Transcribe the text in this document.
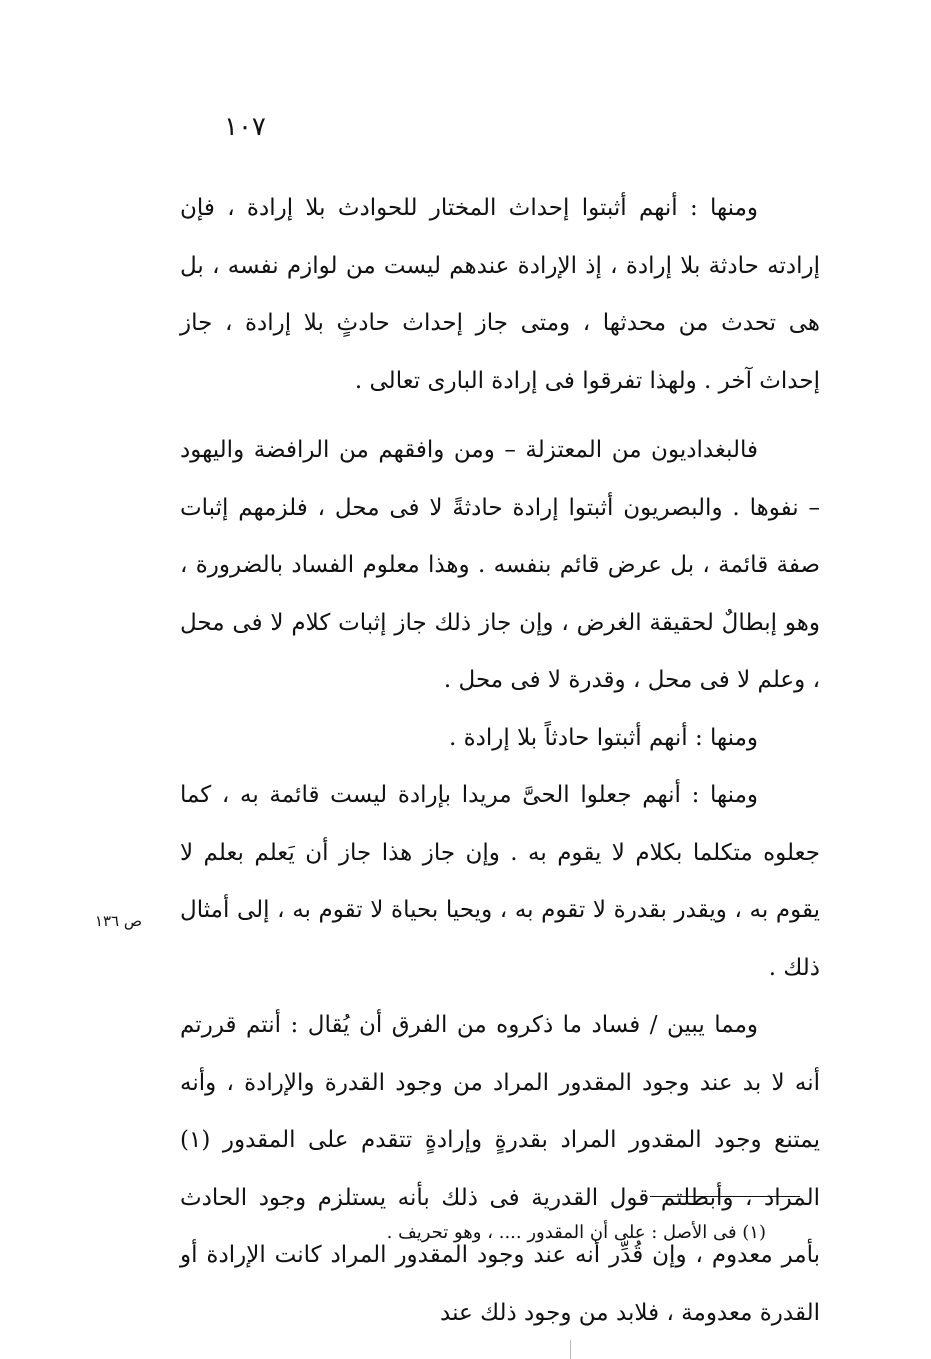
١٠٧

ومنها : أنهم أثبتوا إحداث المختار للحوادث بلا إرادة ، فإن إرادته حادثة بلا إرادة ، إذ الإرادة عندهم ليست من لوازم نفسه ، بل هى تحدث من محدثها ، ومتى جاز إحداث حادثٍ بلا إرادة ، جاز إحداث آخر . ولهذا تفرقوا فى إرادة البارى تعالى .

فالبغداديون من المعتزلة – ومن وافقهم من الرافضة واليهود – نفوها . والبصريون أثبتوا إرادة حادثةً لا فى محل ، فلزمهم إثبات صفة قائمة ، بل عرض قائم بنفسه . وهذا معلوم الفساد بالضرورة ، وهو إبطالٌ لحقيقة الغرض ، وإن جاز ذلك جاز إثبات كلام لا فى محل ، وعلم لا فى محل ، وقدرة لا فى محل .

ومنها : أنهم أثبتوا حادثاً بلا إرادة .

ومنها : أنهم جعلوا الحىَّ مريدا بإرادة ليست قائمة به ، كما جعلوه متكلما بكلام لا يقوم به . وإن جاز هذا جاز أن يَعلم بعلم لا يقوم به ، ويقدر بقدرة لا تقوم به ، ويحيا بحياة لا تقوم به ، إلى أمثال ذلك .

ومما يبين / فساد ما ذكروه من الفرق أن يُقال : أنتم قررتم أنه لا بد عند وجود المقدور المراد من وجود القدرة والإرادة ، وأنه يمتنع وجود المقدور المراد بقدرةٍ وإرادةٍ تتقدم على المقدور (١) المراد ، وأبطلتم قول القدرية فى ذلك بأنه يستلزم وجود الحادث بأمر معدوم ، وإن قُدِّر أنه عند وجود المقدور المراد كانت الإرادة أو القدرة معدومة ، فلابد من وجود ذلك عند

ص ١٣٦
(١) فى الأصل : على أن المقدور .... ، وهو تحريف .
